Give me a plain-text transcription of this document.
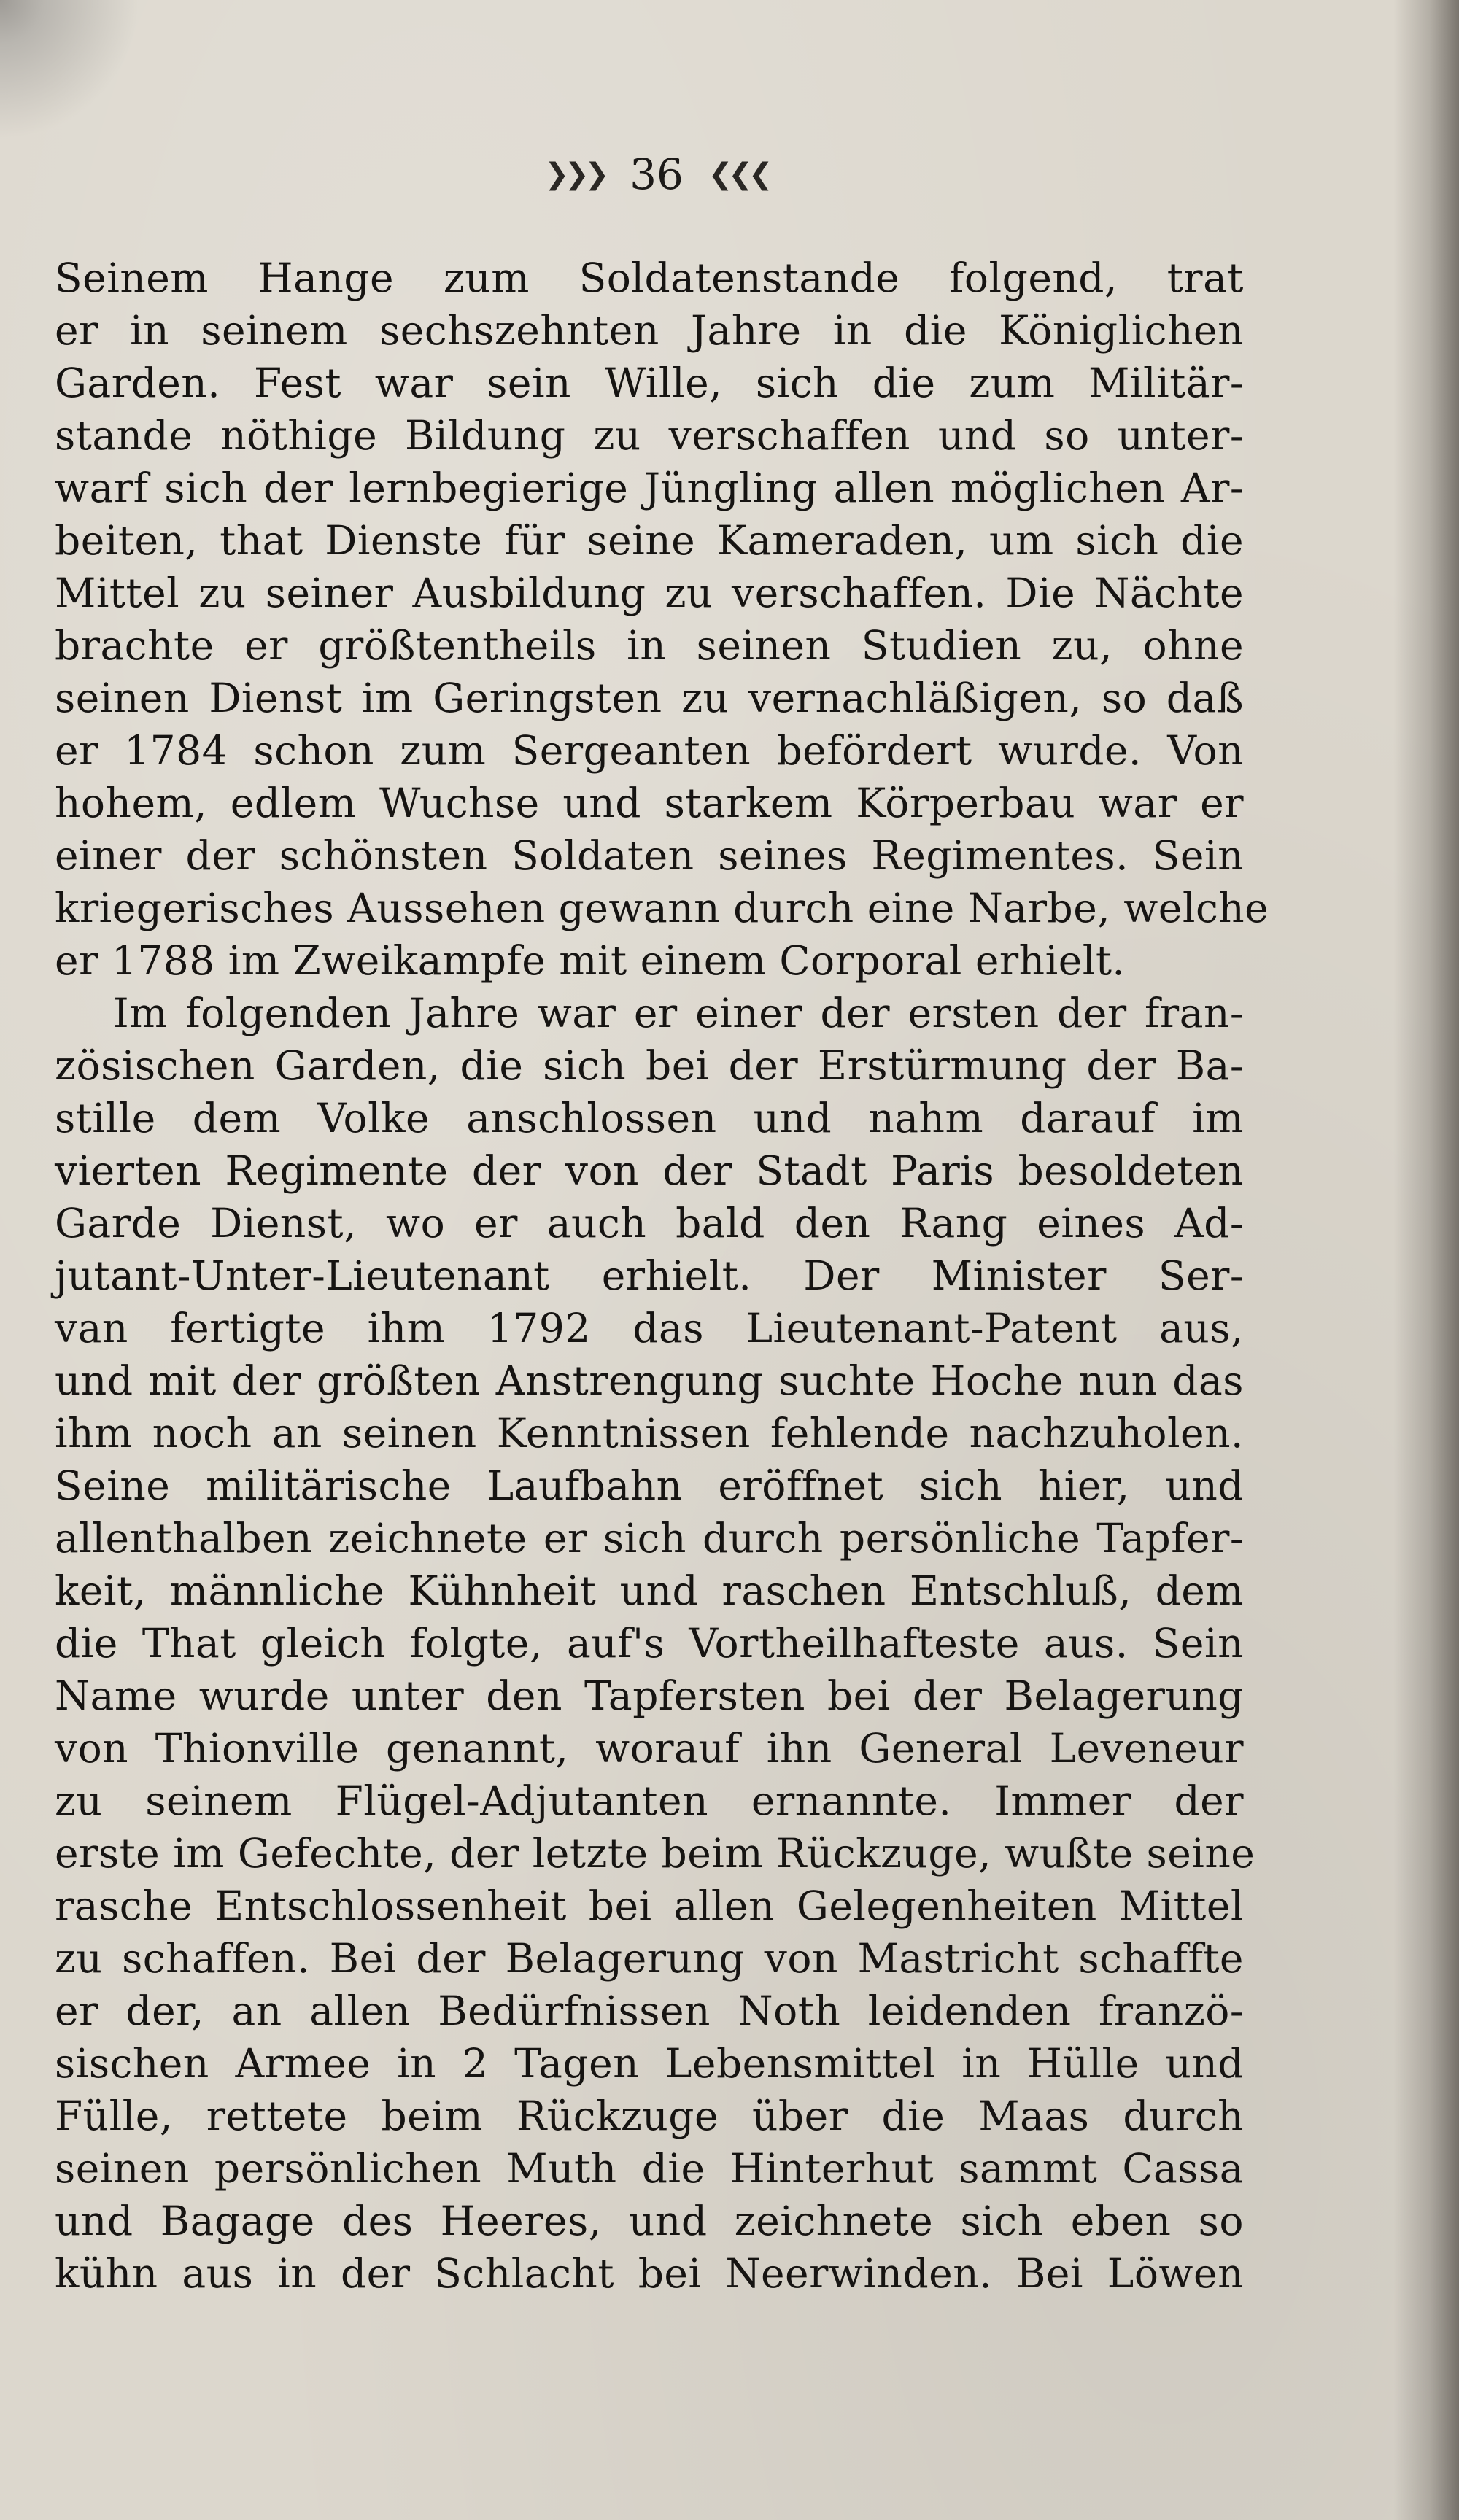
❯❯❯ 36 ❮❮❮
Seinem Hange zum Soldatenstande folgend, trat
er in seinem sechszehnten Jahre in die Königlichen
Garden. Fest war sein Wille, sich die zum Militär-
stande nöthige Bildung zu verschaffen und so unter-
warf sich der lernbegierige Jüngling allen möglichen Ar-
beiten, that Dienste für seine Kameraden, um sich die
Mittel zu seiner Ausbildung zu verschaffen. Die Nächte
brachte er größtentheils in seinen Studien zu, ohne
seinen Dienst im Geringsten zu vernachläßigen, so daß
er 1784 schon zum Sergeanten befördert wurde. Von
hohem, edlem Wuchse und starkem Körperbau war er
einer der schönsten Soldaten seines Regimentes. Sein
kriegerisches Aussehen gewann durch eine Narbe, welche
er 1788 im Zweikampfe mit einem Corporal erhielt.
Im folgenden Jahre war er einer der ersten der fran-
zösischen Garden, die sich bei der Erstürmung der Ba-
stille dem Volke anschlossen und nahm darauf im
vierten Regimente der von der Stadt Paris besoldeten
Garde Dienst, wo er auch bald den Rang eines Ad-
jutant-Unter-Lieutenant erhielt. Der Minister Ser-
van fertigte ihm 1792 das Lieutenant-Patent aus,
und mit der größten Anstrengung suchte Hoche nun das
ihm noch an seinen Kenntnissen fehlende nachzuholen.
Seine militärische Laufbahn eröffnet sich hier, und
allenthalben zeichnete er sich durch persönliche Tapfer-
keit, männliche Kühnheit und raschen Entschluß, dem
die That gleich folgte, auf's Vortheilhafteste aus. Sein
Name wurde unter den Tapfersten bei der Belagerung
von Thionville genannt, worauf ihn General Leveneur
zu seinem Flügel-Adjutanten ernannte. Immer der
erste im Gefechte, der letzte beim Rückzuge, wußte seine
rasche Entschlossenheit bei allen Gelegenheiten Mittel
zu schaffen. Bei der Belagerung von Mastricht schaffte
er der, an allen Bedürfnissen Noth leidenden franzö-
sischen Armee in 2 Tagen Lebensmittel in Hülle und
Fülle, rettete beim Rückzuge über die Maas durch
seinen persönlichen Muth die Hinterhut sammt Cassa
und Bagage des Heeres, und zeichnete sich eben so
kühn aus in der Schlacht bei Neerwinden. Bei Löwen
